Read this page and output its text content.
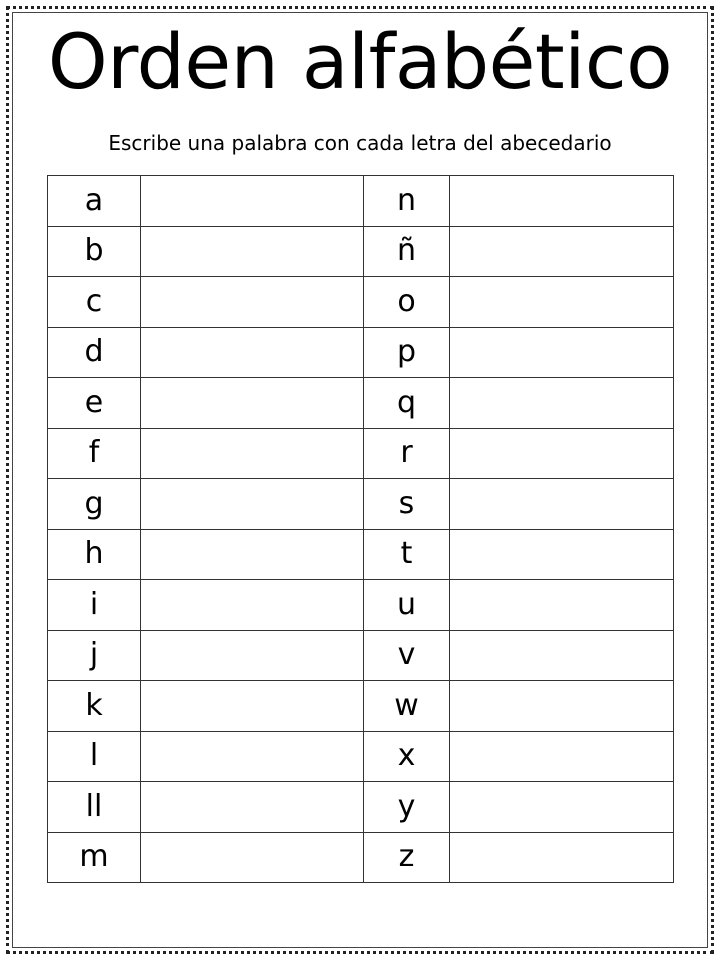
Orden alfabético
Escribe una palabra con cada letra del abecedario
a		n	
b		ñ	
c		o	
d		p	
e		q	
f		r	
g		s	
h		t	
i		u	
j		v	
k		w	
l		x	
ll		y	
m		z	
